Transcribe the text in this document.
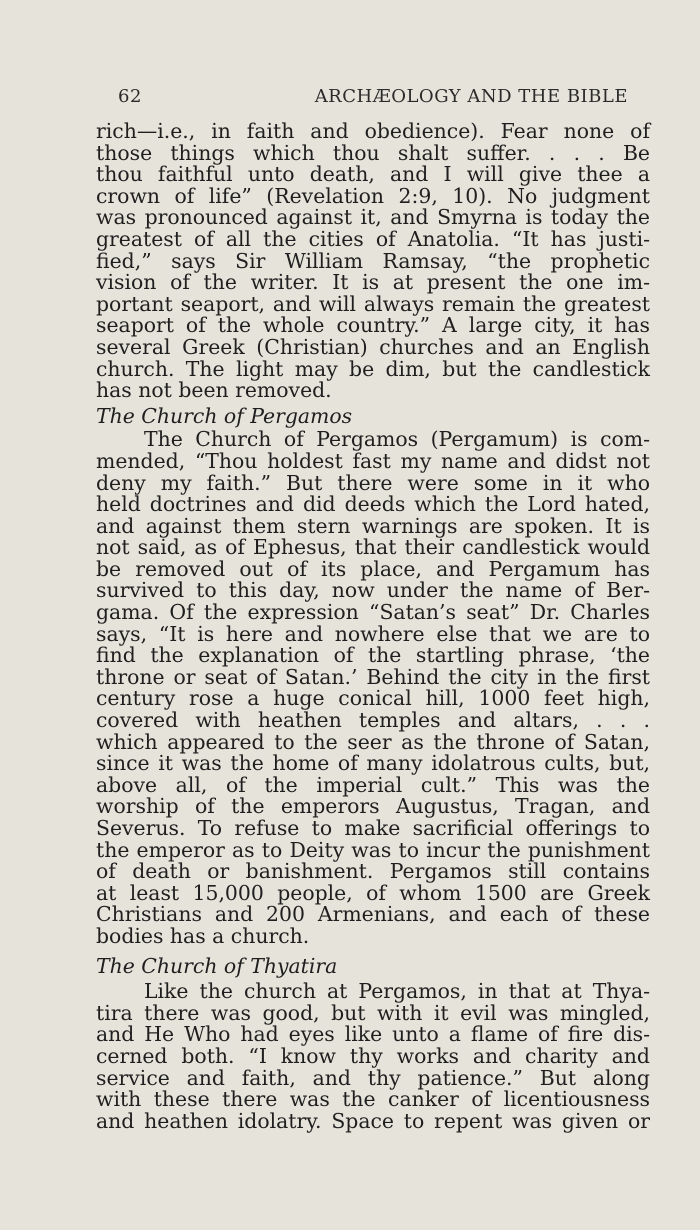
62	ARCHÆOLOGY AND THE BIBLE
rich—i.e., in faith and obedience). Fear none of
those things which thou shalt suffer. . . . Be
thou faithful unto death, and I will give thee a
crown of life” (Revelation 2:9, 10). No judgment
was pronounced against it, and Smyrna is today the
greatest of all the cities of Anatolia. “It has justi-
fied,” says Sir William Ramsay, “the prophetic
vision of the writer. It is at present the one im-
portant seaport, and will always remain the greatest
seaport of the whole country.” A large city, it has
several Greek (Christian) churches and an English
church. The light may be dim, but the candlestick
has not been removed.
The Church of Pergamos
The Church of Pergamos (Pergamum) is com-
mended, “Thou holdest fast my name and didst not
deny my faith.” But there were some in it who
held doctrines and did deeds which the Lord hated,
and against them stern warnings are spoken. It is
not said, as of Ephesus, that their candlestick would
be removed out of its place, and Pergamum has
survived to this day, now under the name of Ber-
gama. Of the expression “Satan’s seat” Dr. Charles
says, “It is here and nowhere else that we are to
find the explanation of the startling phrase, ‘the
throne or seat of Satan.’ Behind the city in the first
century rose a huge conical hill, 1000 feet high,
covered with heathen temples and altars, . . .
which appeared to the seer as the throne of Satan,
since it was the home of many idolatrous cults, but,
above all, of the imperial cult.” This was the
worship of the emperors Augustus, Tragan, and
Severus. To refuse to make sacrificial offerings to
the emperor as to Deity was to incur the punishment
of death or banishment. Pergamos still contains
at least 15,000 people, of whom 1500 are Greek
Christians and 200 Armenians, and each of these
bodies has a church.
The Church of Thyatira
Like the church at Pergamos, in that at Thya-
tira there was good, but with it evil was mingled,
and He Who had eyes like unto a flame of fire dis-
cerned both. “I know thy works and charity and
service and faith, and thy patience.” But along
with these there was the canker of licentiousness
and heathen idolatry. Space to repent was given or
